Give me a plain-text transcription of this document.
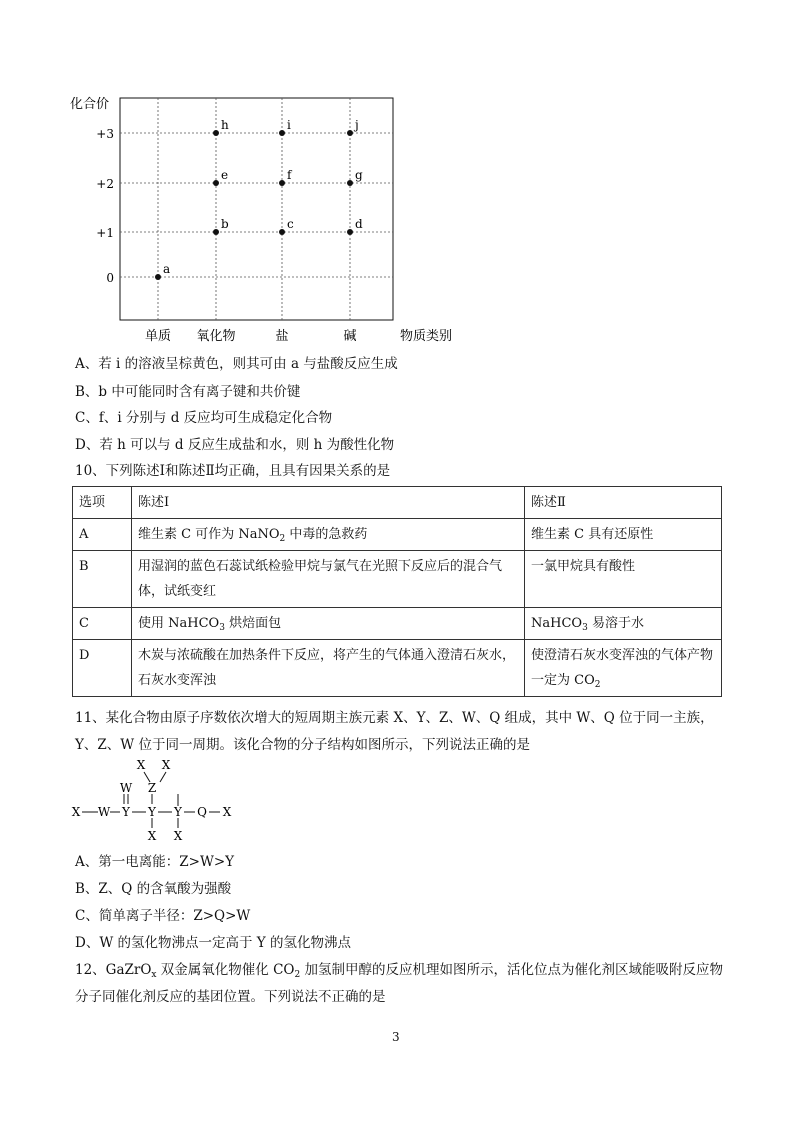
化合价
+3
+2
+1
0
单质 氧化物	盐	碱	物质类别
a
b	c	d
e	f	g
h	i	j
A、若 i 的溶液呈棕黄色，则其可由 a 与盐酸反应生成
B、b 中可能同时含有离子键和共价键
C、f、i 分别与 d 反应均可生成稳定化合物
D、若 h 可以与 d 反应生成盐和水，则 h 为酸性化物
10、下列陈述Ⅰ和陈述Ⅱ均正确，且具有因果关系的是
选项	陈述Ⅰ	陈述Ⅱ
A	维生素 C 可作为 NaNO$_2$ 中毒的急救药	维生素 C 具有还原性
B	用湿润的蓝色石蕊试纸检验甲烷与氯气在光照下反应后的混合气体，试纸变红	一氯甲烷具有酸性
C	使用 NaHCO$_3$ 烘焙面包	NaHCO$_3$ 易溶于水
D	木炭与浓硫酸在加热条件下反应，将产生的气体通入澄清石灰水，石灰水变浑浊	使澄清石灰水变浑浊的气体产物一定为 $CO_2$
11、某化合物由原子序数依次增大的短周期主族元素 X、Y、Z、W、Q 组成，其中 W、Q 位于同一主族，
Y、Z、W 位于同一周期。该化合物的分子结构如图所示，下列说法正确的是
X X
W Z
X W Y Y Y Q X
X X
A、第一电离能：Z>W>Y
B、Z、Q 的含氧酸为强酸
C、简单离子半径：Z>Q>W
D、W 的氢化物沸点一定高于 Y 的氢化物沸点
12、GaZrO$_x$ 双金属氧化物催化 $CO_2$ 加氢制甲醇的反应机理如图所示，活化位点为催化剂区域能吸附反应物
分子同催化剂反应的基团位置。下列说法不正确的是
3
